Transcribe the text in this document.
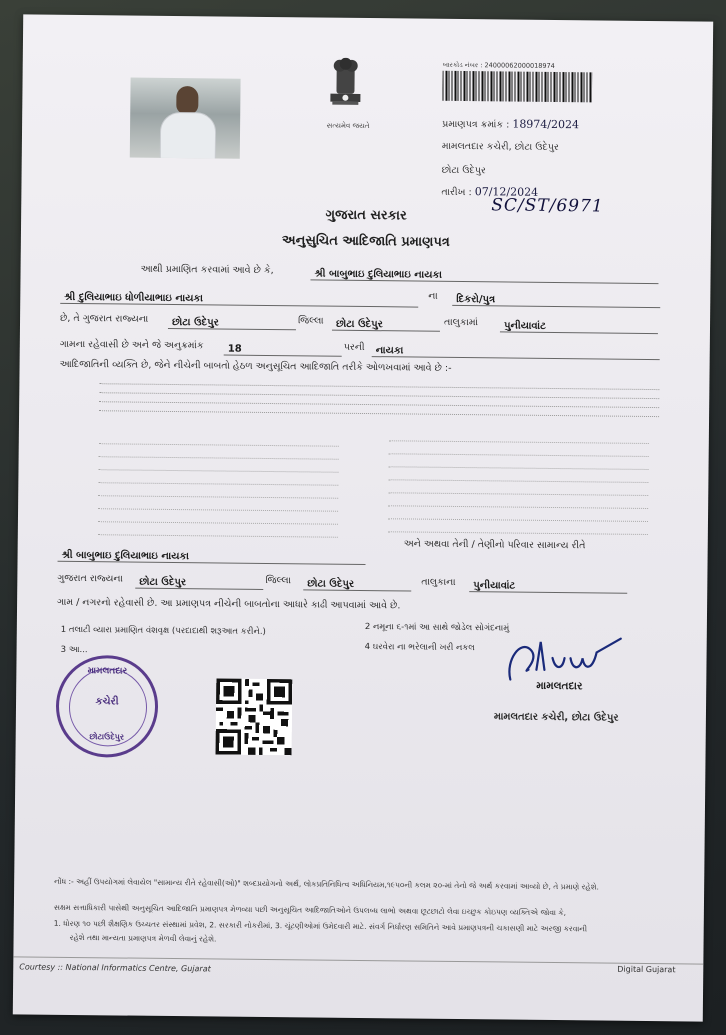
સત્યમેવ જયતે
બારકોડ નંબર : 24000062000018974
પ્રમાણપત્ર ક્રમાંક : 18974/2024
મામલતદાર કચેરી, છોટા ઉદેપુર
છોટા ઉદેપુર
તારીખ : 07/12/2024
SC/ST/6971
ગુજરાત સરકાર
અનુસુચિત આદિજાતિ પ્રમાણપત્ર
આથી પ્રમાણિત કરવામાં આવે છે કે,	શ્રી બાબુભાઇ દુલિયાભાઇ નાયકા
શ્રી દુલિયાભાઇ ધોળીયાભાઇ નાયકા	ના	દિકરો/પુત્ર
છે, તે ગુજરાત રાજ્યના	છોટા ઉદેપુર	જિલ્લા	છોટા ઉદેપુર	તાલુકામાં	પુનીયાવાંટ
ગામના રહેવાસી છે અને જે અનુક્રમાંક	18	પરની	નાયકા
આદિજાતિની વ્યક્તિ છે, જેને નીચેની બાબતો હેઠળ અનુસૂચિત આદિજાતિ તરીકે ઓળખવામાં આવે છે :-
શ્રી બાબુભાઇ દુલિયાભાઇ નાયકા
અને અથવા તેની / તેણીનો પરિવાર સામાન્ય રીતે
ગુજરાત રાજ્યના	છોટા ઉદેપુર	જિલ્લા	છોટા ઉદેપુર	તાલુકાના	પુનીયાવાંટ
ગામ / નગરનો રહેવાસી છે. આ પ્રમાણપત્ર નીચેની બાબતોના આધારે કાઢી આપવામાં આવે છે.
1 તલાટી વ્યારા પ્રમાણિત વંશવૃક્ષ (પરદાદાથી શરૂઆત કરીને.)	2 નમૂના ૬-૧માં આ સાથે જોડેલ સોગંદનામું
3 આ...	4 ઘરવેરા ના ભરેલાની ખરી નકલ
મામલતદાર
કચેરી
છોટાઉદેપુર
મામલતદાર
મામલતદાર કચેરી, છોટા ઉદેપુર
નોંધ :- અહીં ઉપયોગમાં લેવાયેલ "સામાન્ય રીતે રહેવાસી(ઓ)" શબ્દપ્રયોગનો અર્થ, લોકપ્રતિનિધિત્વ અધિનિયમ,૧૯૫૦ની કલમ ૨૦-માં તેનો જે અર્થ કરવામાં આવ્યો છે, તે પ્રમાણે રહેશે.
સક્ષમ સત્તાધિકારી પાસેથી અનુસૂચિત આદિજાતિ પ્રમાણપત્ર મેળવ્યા પછી અનુસૂચિત આદિજાતિઓને ઉપલબ્ધ લાભો અથવા છૂટછાટો લેવા ઇચ્છુક કોઇપણ વ્યક્તિએ જોવા કે,
1. ધોરણ ૧૦ પછી શૈક્ષણિક ઉચ્ચતર સંસ્થામાં પ્રવેશ, 2. સરકારી નોકરીમાં, 3. ચૂંટણીઓમાં ઉમેદવારી માટે. સંવર્ગ નિર્ધારણ સમિતિને આવે પ્રમાણપત્રની ચકાસણી માટે અરજી કરવાની
રહેશે તથા માન્યતા પ્રમાણપત્ર મેળવી લેવાનું રહેશે.
Courtesy :: National Informatics Centre, Gujarat	Digital Gujarat
